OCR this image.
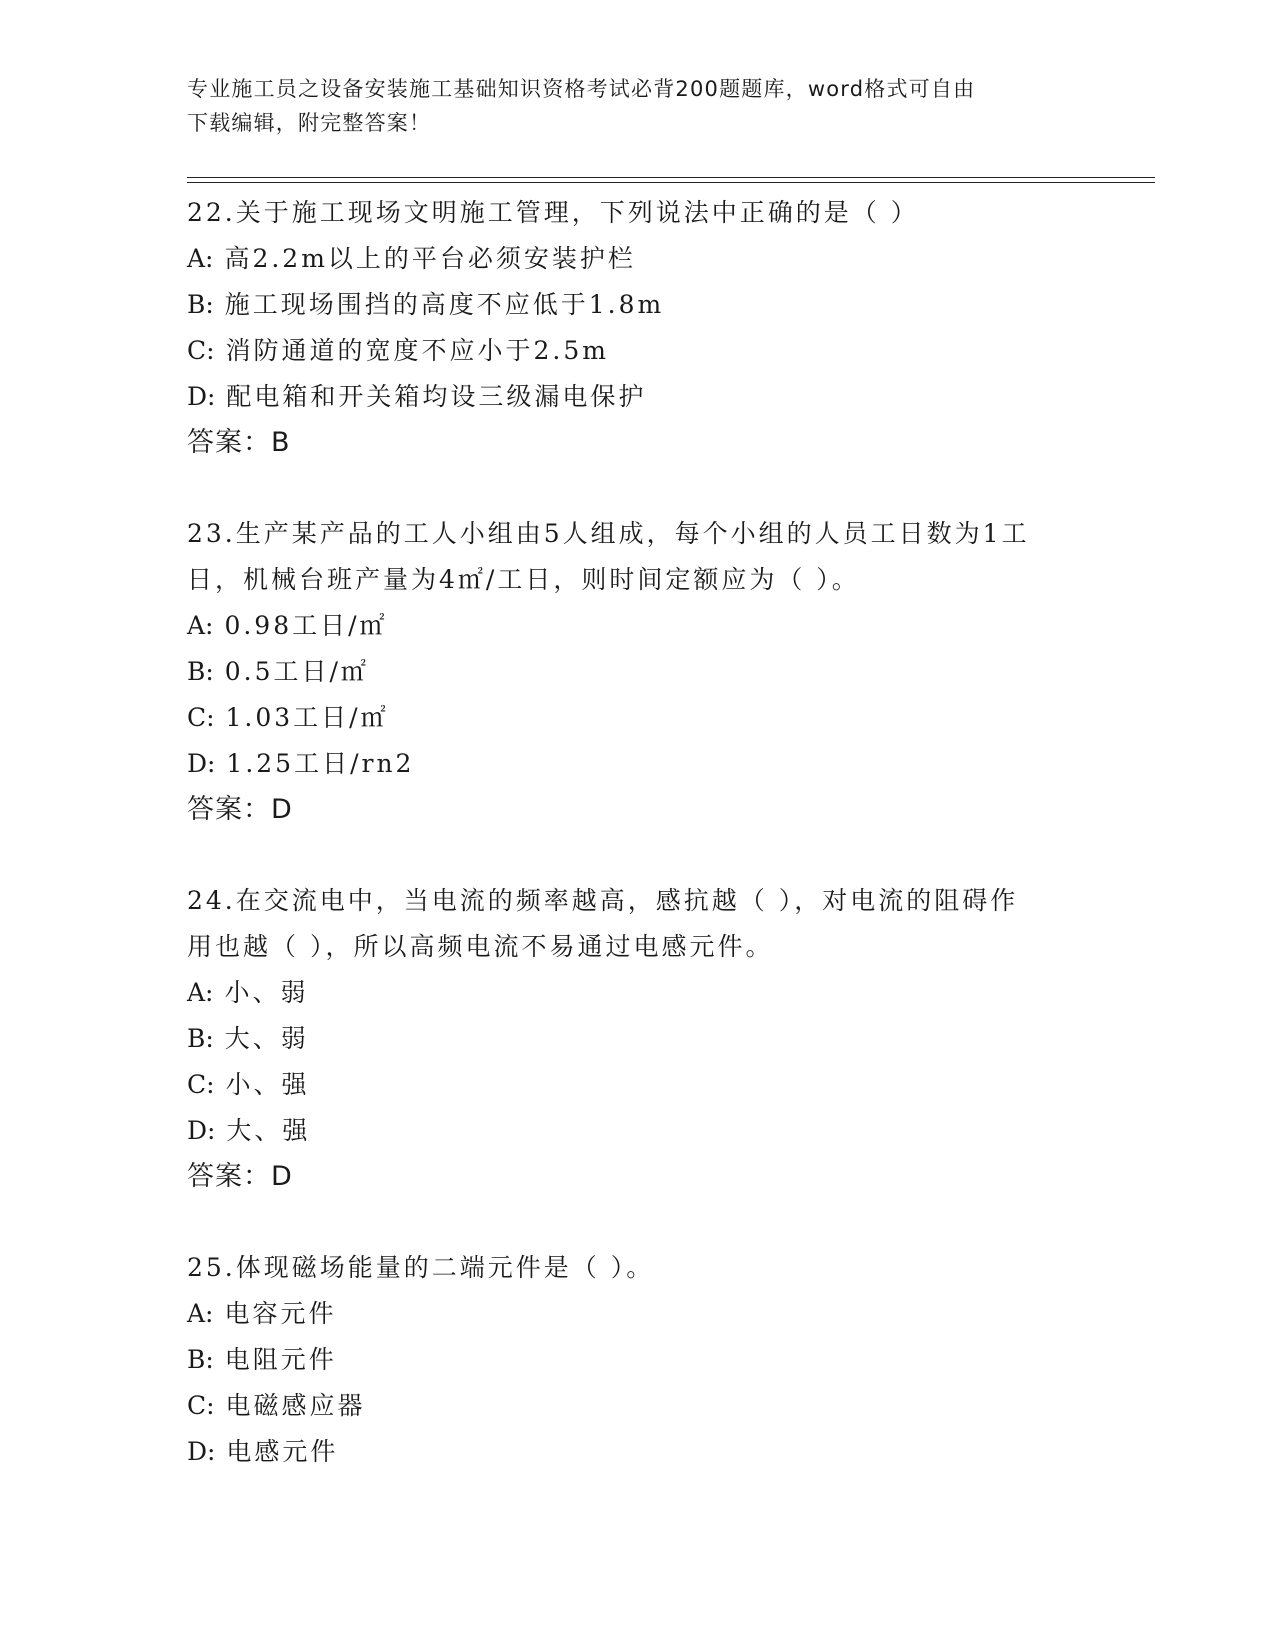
专业施工员之设备安装施工基础知识资格考试必背200题题库，word格式可自由
下载编辑，附完整答案！
22.关于施工现场文明施工管理，下列说法中正确的是（ ）
A: 高2.2m以上的平台必须安装护栏
B: 施工现场围挡的高度不应低于1.8m
C: 消防通道的宽度不应小于2.5m
D: 配电箱和开关箱均设三级漏电保护
答案：B
23.生产某产品的工人小组由5人组成，每个小组的人员工日数为1工
日，机械台班产量为4㎡/工日，则时间定额应为（ ）。
A: 0.98工日/㎡
B: 0.5工日/㎡
C: 1.03工日/㎡
D: 1.25工日/rn2
答案：D
24.在交流电中，当电流的频率越高，感抗越（ ），对电流的阻碍作
用也越（ ），所以高频电流不易通过电感元件。
A: 小、弱
B: 大、弱
C: 小、强
D: 大、强
答案：D
25.体现磁场能量的二端元件是（ ）。
A: 电容元件
B: 电阻元件
C: 电磁感应器
D: 电感元件
